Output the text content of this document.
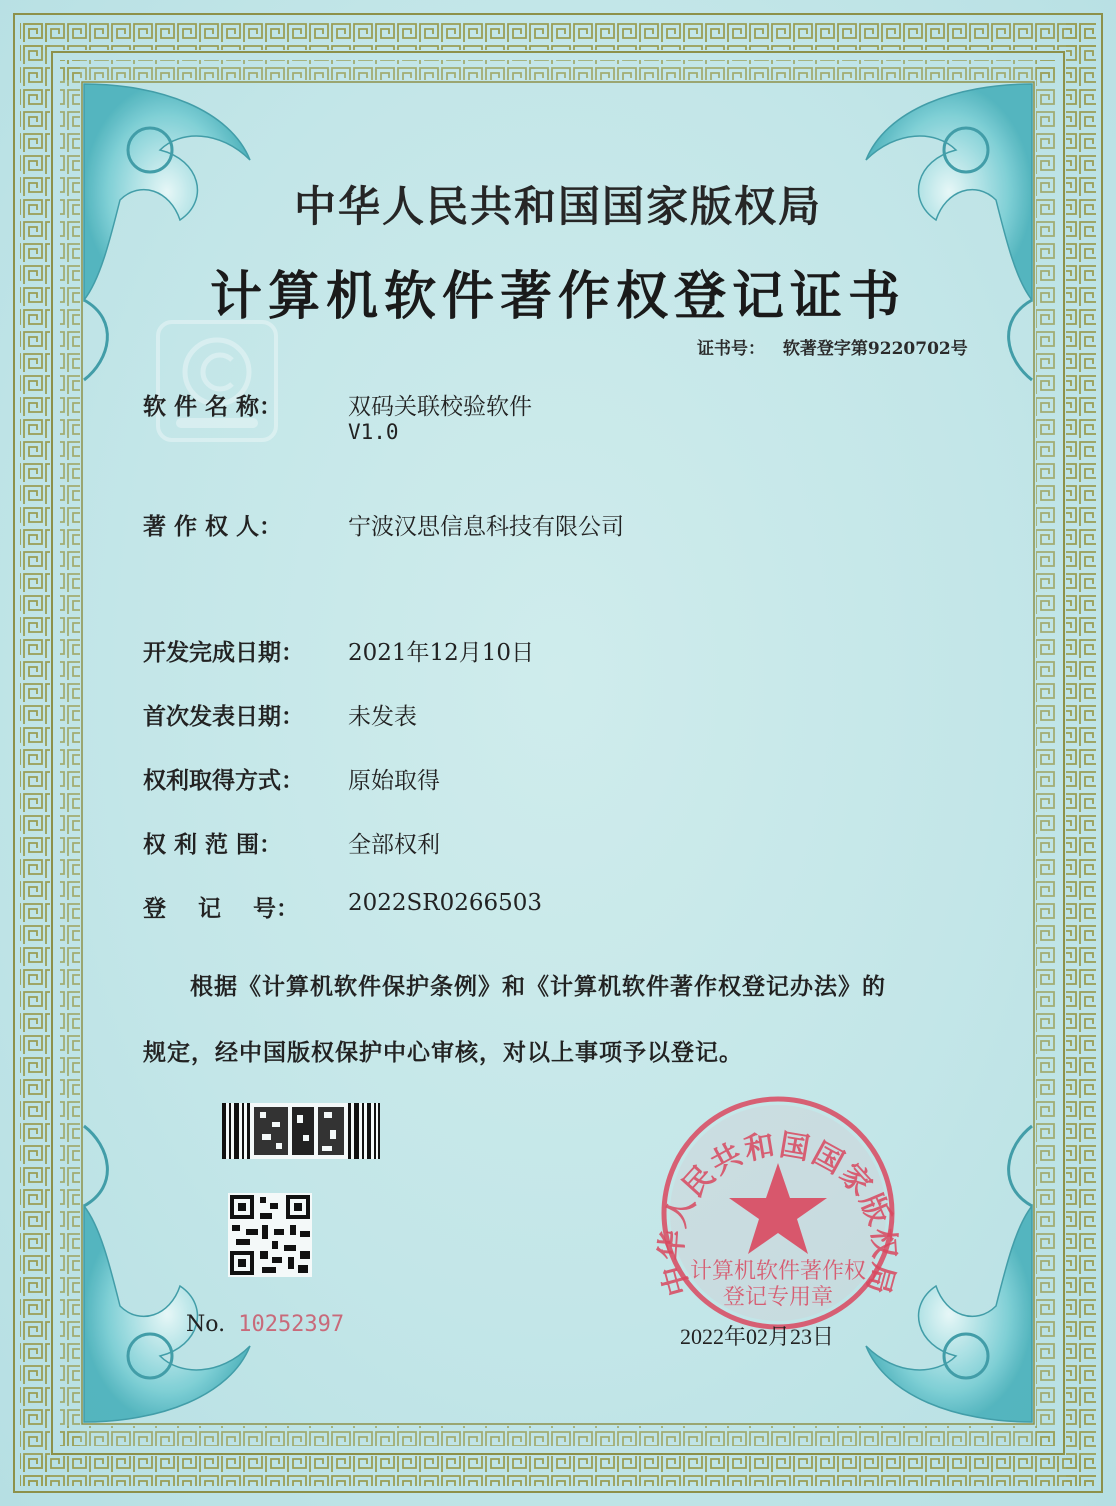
中华人民共和国国家版权局
计算机软件著作权
登记专用章
中华人民共和国国家版权局
计算机软件著作权登记证书
证书号： 软著登字第9220702号
软 件 名 称：	双码关联校验软件
V1.0
著 作 权 人：	宁波汉思信息科技有限公司
开发完成日期： 2021年12月10日
首次发表日期： 未发表
权利取得方式： 原始取得
权 利 范 围：	全部权利
登    记    号： 2022SR0266503
根据《计算机软件保护条例》和《计算机软件著作权登记办法》的
规定，经中国版权保护中心审核，对以上事项予以登记。
No. 10252397	2022年02月23日
